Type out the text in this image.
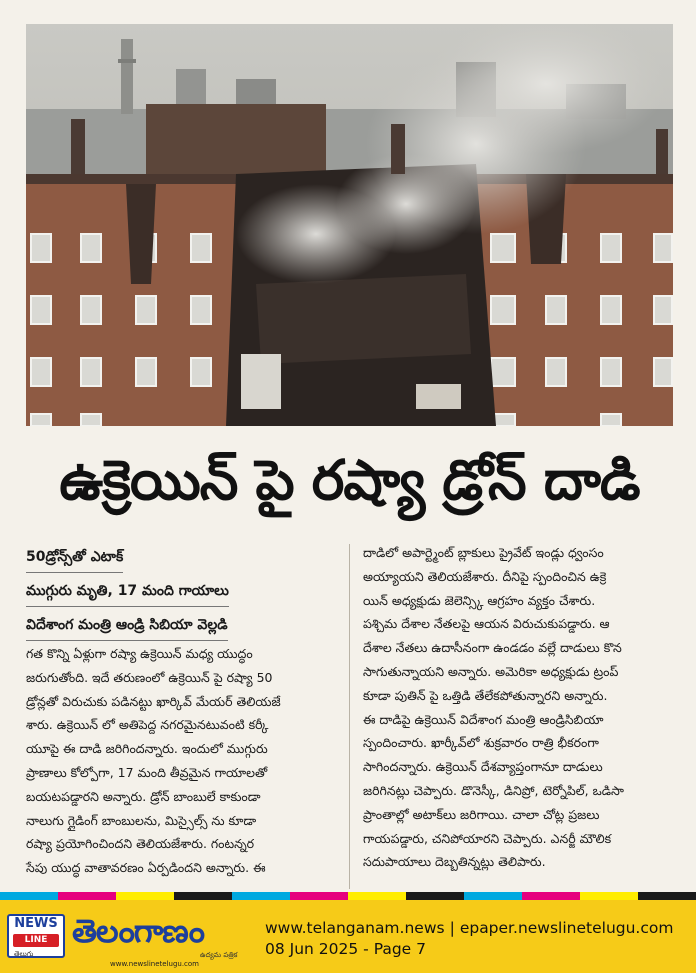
ఉక్రెయిన్ పై రష్యా డ్రోన్ దాడి
50డ్రోన్స్‌తో ఎటాక్
ముగ్గురు మృతి, 17 మంది గాయాలు
విదేశాంగ మంత్రి ఆండ్రి సిబియా వెల్లడి
గత కొన్ని ఏళ్లుగా రష్యా ఉక్రెయిన్ మధ్య యుద్ధం
జరుగుతోంది. ఇదే తరుణంలో ఉక్రెయిన్ పై రష్యా 50
డ్రోన్లతో విరుచుకు పడినట్టు ఖార్కివ్ మేయర్ తెలియజే
శారు. ఉక్రెయిన్ లో అతిపెద్ద నగరమైనటువంటి కర్కీ
యూపై ఈ దాడి జరిగిందన్నారు. ఇందులో ముగ్గురు
ప్రాణాలు కోల్పోగా, 17 మంది తీవ్రమైన గాయాలతో
బయటపడ్డారని అన్నారు. డ్రోన్ బాంబులే కాకుండా
నాలుగు గ్లైడింగ్ బాంబులను, మిస్సైల్స్ ను కూడా
రష్యా ప్రయోగించిందని తెలియజేశారు. గంటన్నర
సేపు యుద్ధ వాతావరణం ఏర్పడిందని అన్నారు. ఈ
దాడిలో అపార్ట్మెంట్ బ్లాకులు ప్రైవేట్ ఇండ్లు ధ్వంసం
అయ్యాయని తెలియజేశారు. దీనిపై స్పందించిన ఉక్రె
యిన్ అధ్యక్షుడు జెలెన్స్కి ఆగ్రహం వ్యక్తం చేశారు.
పశ్చిమ దేశాల నేతలపై ఆయన విరుచుకుపడ్డారు. ఆ
దేశాల నేతలు ఉదాసీనంగా ఉండడం వల్లే దాడులు కొన
సాగుతున్నాయని అన్నారు. అమెరికా అధ్యక్షుడు ట్రంప్
కూడా పుతిన్ పై ఒత్తిడి తేలేకపోతున్నారని అన్నారు.
ఈ దాడిపై ఉక్రెయిన్ విదేశాంగ మంత్రి ఆండ్రిసిబియా
స్పందించారు. ఖార్కీవ్‌లో శుక్రవారం రాత్రి భీకరంగా
సాగిందన్నారు. ఉక్రెయిన్ దేశవ్యాప్తంగానూ దాడులు
జరిగినట్లు చెప్పారు. డొనెస్కీ, డినిప్రో, టెర్నోపిల్, ఒడిసా
ప్రాంతాల్లో అటాక్‌లు జరిగాయి. చాలా చోట్ల ప్రజలు
గాయపడ్డారు, చనిపోయారని చెప్పారు. ఎనర్జీ మౌలిక
సదుపాయాలు దెబ్బతిన్నట్లు తెలిపారు.
NEWS
LINE
తెలుగు
తెలంగాణం
ఉద్యమ పత్రిక
www.newslinetelugu.com
www.telanganam.news | epaper.newslinetelugu.com
08 Jun 2025 - Page 7
